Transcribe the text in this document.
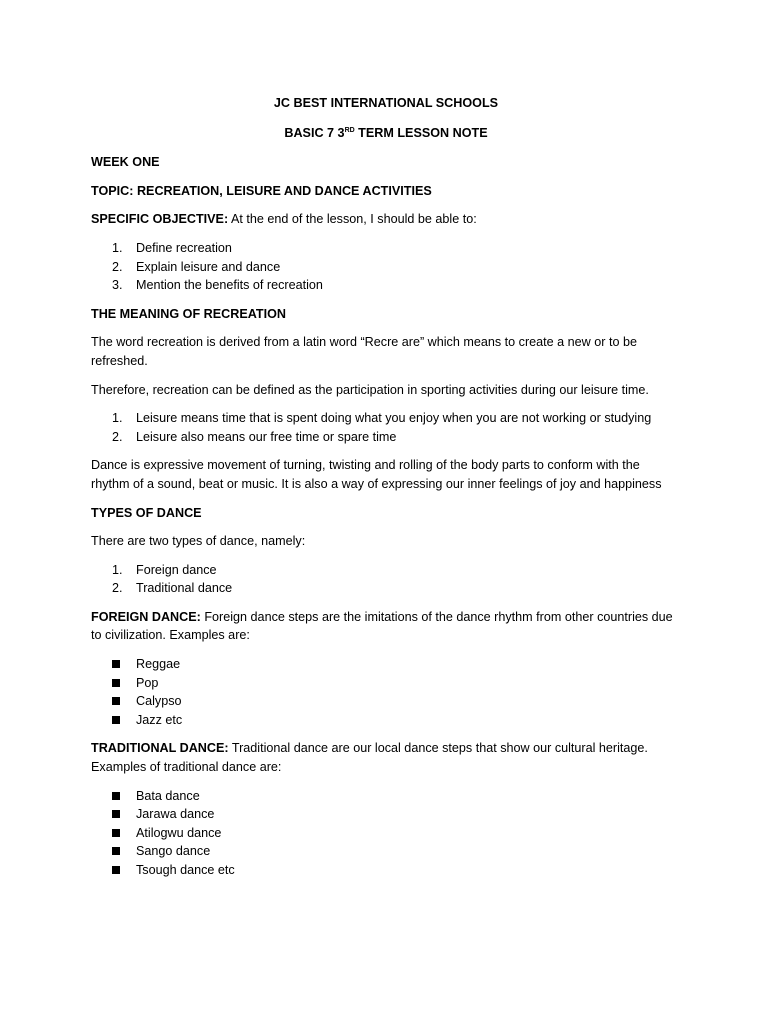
JC BEST INTERNATIONAL SCHOOLS
BASIC 7 3RD TERM LESSON NOTE

WEEK ONE

TOPIC: RECREATION, LEISURE AND DANCE ACTIVITIES

SPECIFIC OBJECTIVE: At the end of the lesson, I should be able to:

1. Define recreation
2. Explain leisure and dance
3. Mention the benefits of recreation

THE MEANING OF RECREATION

The word recreation is derived from a latin word “Recre are” which means to create a new or to be refreshed.

Therefore, recreation can be defined as the participation in sporting activities during our leisure time.

1. Leisure means time that is spent doing what you enjoy when you are not working or studying
2. Leisure also means our free time or spare time

Dance is expressive movement of turning, twisting and rolling of the body parts to conform with the rhythm of a sound, beat or music. It is also a way of expressing our inner feelings of joy and happiness

TYPES OF DANCE

There are two types of dance, namely:

1. Foreign dance
2. Traditional dance

FOREIGN DANCE: Foreign dance steps are the imitations of the dance rhythm from other countries due to civilization. Examples are:

Reggae
Pop
Calypso
Jazz etc

TRADITIONAL DANCE: Traditional dance are our local dance steps that show our cultural heritage. Examples of traditional dance are:

Bata dance
Jarawa dance
Atilogwu dance
Sango dance
Tsough dance etc
